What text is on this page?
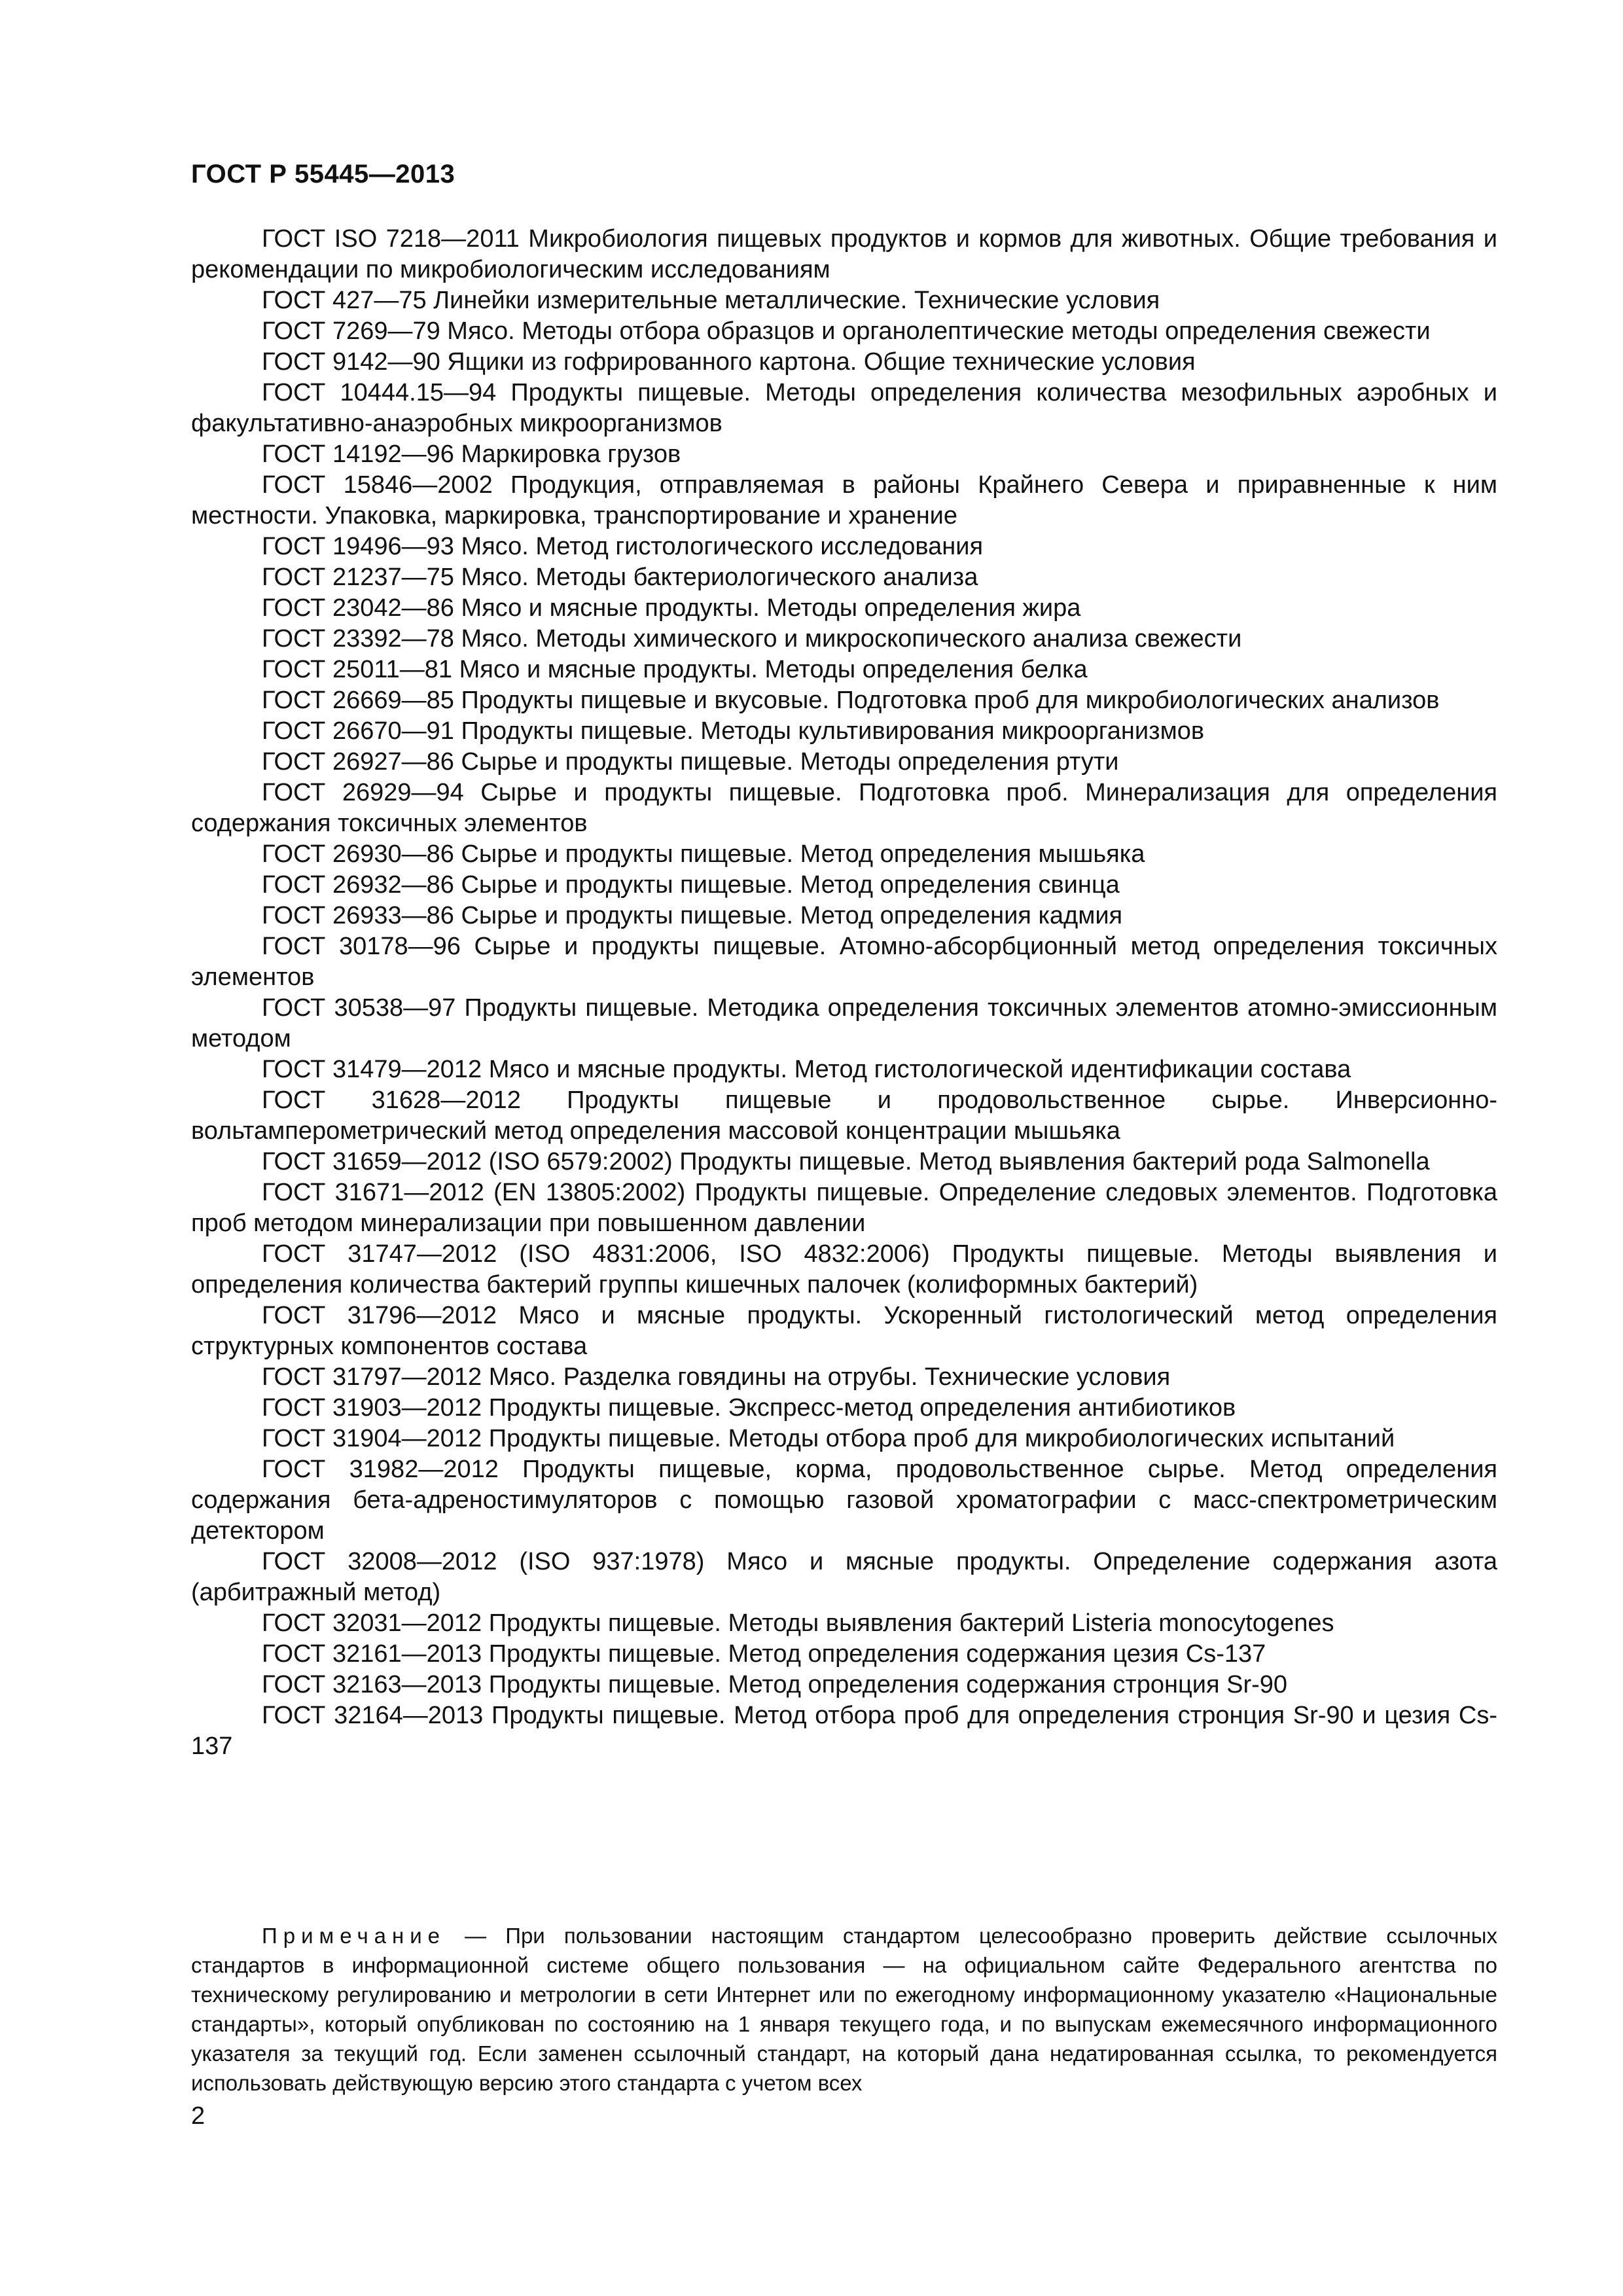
ГОСТ Р 55445—2013

ГОСТ ISO 7218—2011 Микробиология пищевых продуктов и кормов для животных. Общие требования и рекомендации по микробиологическим исследованиям

ГОСТ 427—75 Линейки измерительные металлические. Технические условия

ГОСТ 7269—79 Мясо. Методы отбора образцов и органолептические методы определения свежести

ГОСТ 9142—90 Ящики из гофрированного картона. Общие технические условия

ГОСТ 10444.15—94 Продукты пищевые. Методы определения количества мезофильных аэробных и факультативно-анаэробных микроорганизмов

ГОСТ 14192—96 Маркировка грузов

ГОСТ 15846—2002 Продукция, отправляемая в районы Крайнего Севера и приравненные к ним местности. Упаковка, маркировка, транспортирование и хранение

ГОСТ 19496—93 Мясо. Метод гистологического исследования

ГОСТ 21237—75 Мясо. Методы бактериологического анализа

ГОСТ 23042—86 Мясо и мясные продукты. Методы определения жира

ГОСТ 23392—78 Мясо. Методы химического и микроскопического анализа свежести

ГОСТ 25011—81 Мясо и мясные продукты. Методы определения белка

ГОСТ 26669—85 Продукты пищевые и вкусовые. Подготовка проб для микробиологических анализов

ГОСТ 26670—91 Продукты пищевые. Методы культивирования микроорганизмов

ГОСТ 26927—86 Сырье и продукты пищевые. Методы определения ртути

ГОСТ 26929—94 Сырье и продукты пищевые. Подготовка проб. Минерализация для определения содержания токсичных элементов

ГОСТ 26930—86 Сырье и продукты пищевые. Метод определения мышьяка

ГОСТ 26932—86 Сырье и продукты пищевые. Метод определения свинца

ГОСТ 26933—86 Сырье и продукты пищевые. Метод определения кадмия

ГОСТ 30178—96 Сырье и продукты пищевые. Атомно-абсорбционный метод определения токсичных элементов

ГОСТ 30538—97 Продукты пищевые. Методика определения токсичных элементов атомно-эмиссионным методом

ГОСТ 31479—2012 Мясо и мясные продукты. Метод гистологической идентификации состава

ГОСТ 31628—2012 Продукты пищевые и продовольственное сырье. Инверсионно-вольтамперометрический метод определения массовой концентрации мышьяка

ГОСТ 31659—2012 (ISO 6579:2002) Продукты пищевые. Метод выявления бактерий рода Salmonella

ГОСТ 31671—2012 (EN 13805:2002) Продукты пищевые. Определение следовых элементов. Подготовка проб методом минерализации при повышенном давлении

ГОСТ 31747—2012 (ISO 4831:2006, ISO 4832:2006) Продукты пищевые. Методы выявления и определения количества бактерий группы кишечных палочек (колиформных бактерий)

ГОСТ 31796—2012 Мясо и мясные продукты. Ускоренный гистологический метод определения структурных компонентов состава

ГОСТ 31797—2012 Мясо. Разделка говядины на отрубы. Технические условия

ГОСТ 31903—2012 Продукты пищевые. Экспресс-метод определения антибиотиков

ГОСТ 31904—2012 Продукты пищевые. Методы отбора проб для микробиологических испытаний

ГОСТ 31982—2012 Продукты пищевые, корма, продовольственное сырье. Метод определения содержания бета-адреностимуляторов с помощью газовой хроматографии с масс-спектрометрическим детектором

ГОСТ 32008—2012 (ISO 937:1978) Мясо и мясные продукты. Определение содержания азота (арбитражный метод)

ГОСТ 32031—2012 Продукты пищевые. Методы выявления бактерий Listeria monocytogenes

ГОСТ 32161—2013 Продукты пищевые. Метод определения содержания цезия Cs-137

ГОСТ 32163—2013 Продукты пищевые. Метод определения содержания стронция Sr-90

ГОСТ 32164—2013 Продукты пищевые. Метод отбора проб для определения стронция Sr-90 и цезия Cs-137

Примечание — При пользовании настоящим стандартом целесообразно проверить действие ссылочных стандартов в информационной системе общего пользования — на официальном сайте Федерального агентства по техническому регулированию и метрологии в сети Интернет или по ежегодному информационному указателю «Национальные стандарты», который опубликован по состоянию на 1 января текущего года, и по выпускам ежемесячного информационного указателя за текущий год. Если заменен ссылочный стандарт, на который дана недатированная ссылка, то рекомендуется использовать действующую версию этого стандарта с учетом всех

2
